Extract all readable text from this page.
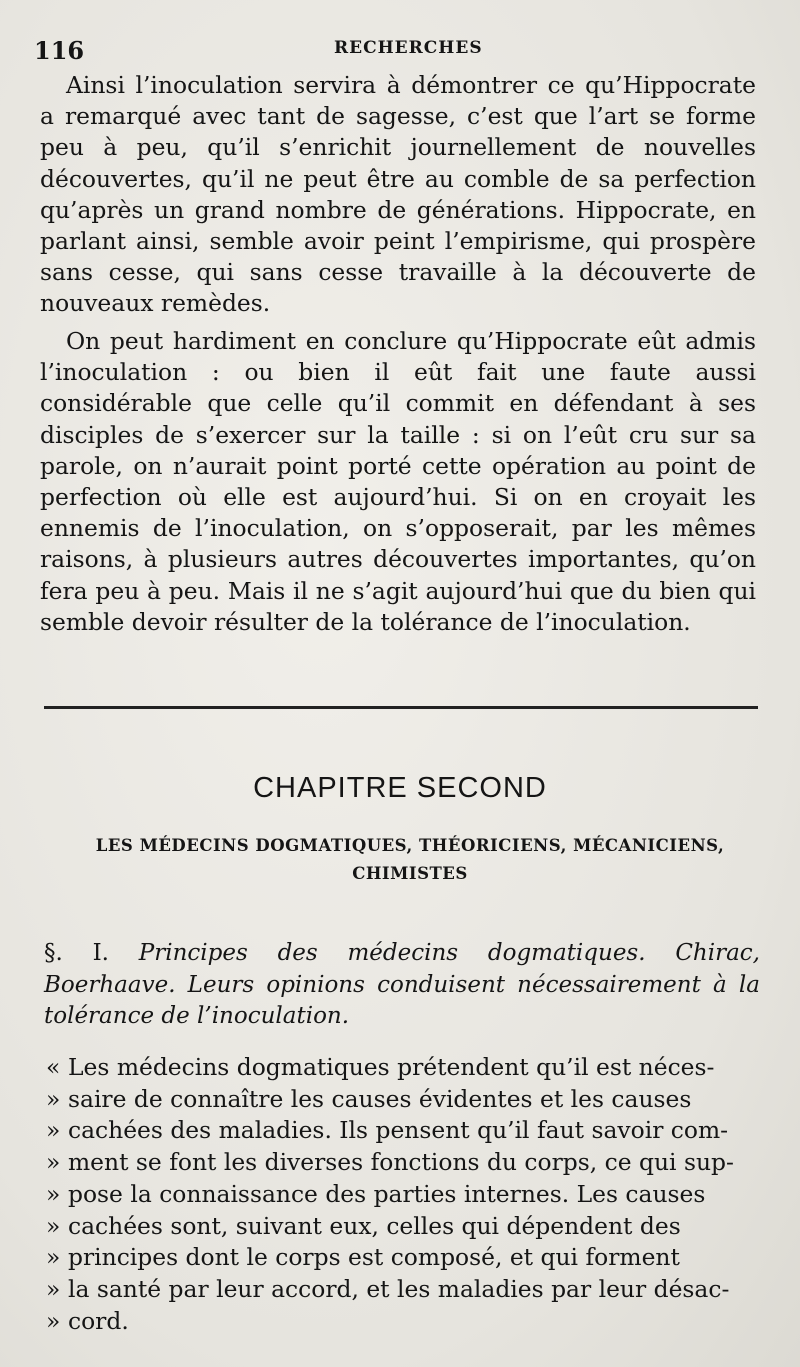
116	RECHERCHES

Ainsi l’inoculation servira à démontrer ce qu’Hippocrate a remarqué avec tant de sagesse, c’est que l’art se forme peu à peu, qu’il s’enrichit journellement de nouvelles découvertes, qu’il ne peut être au comble de sa perfection qu’après un grand nombre de générations. Hippocrate, en parlant ainsi, semble avoir peint l’empirisme, qui prospère sans cesse, qui sans cesse travaille à la découverte de nouveaux remèdes.

On peut hardiment en conclure qu’Hippocrate eût admis l’inoculation : ou bien il eût fait une faute aussi considérable que celle qu’il commit en défendant à ses disciples de s’exercer sur la taille : si on l’eût cru sur sa parole, on n’aurait point porté cette opération au point de perfection où elle est aujourd’hui. Si on en croyait les ennemis de l’inoculation, on s’opposerait, par les mêmes raisons, à plusieurs autres découvertes importantes, qu’on fera peu à peu. Mais il ne s’agit aujourd’hui que du bien qui semble devoir résulter de la tolérance de l’inoculation.

CHAPITRE SECOND
LES MÉDECINS DOGMATIQUES, THÉORICIENS, MÉCANICIENS, CHIMISTES
§. I. Principes des médecins dogmatiques. Chirac, Boerhaave. Leurs opinions conduisent nécessairement à la tolérance de l’inoculation.
« Les médecins dogmatiques prétendent qu’il est néces-
» saire de connaître les causes évidentes et les causes
» cachées des maladies. Ils pensent qu’il faut savoir com-
» ment se font les diverses fonctions du corps, ce qui sup-
» pose la connaissance des parties internes. Les causes
» cachées sont, suivant eux, celles qui dépendent des
» principes dont le corps est composé, et qui forment
» la santé par leur accord, et les maladies par leur désac-
» cord.
